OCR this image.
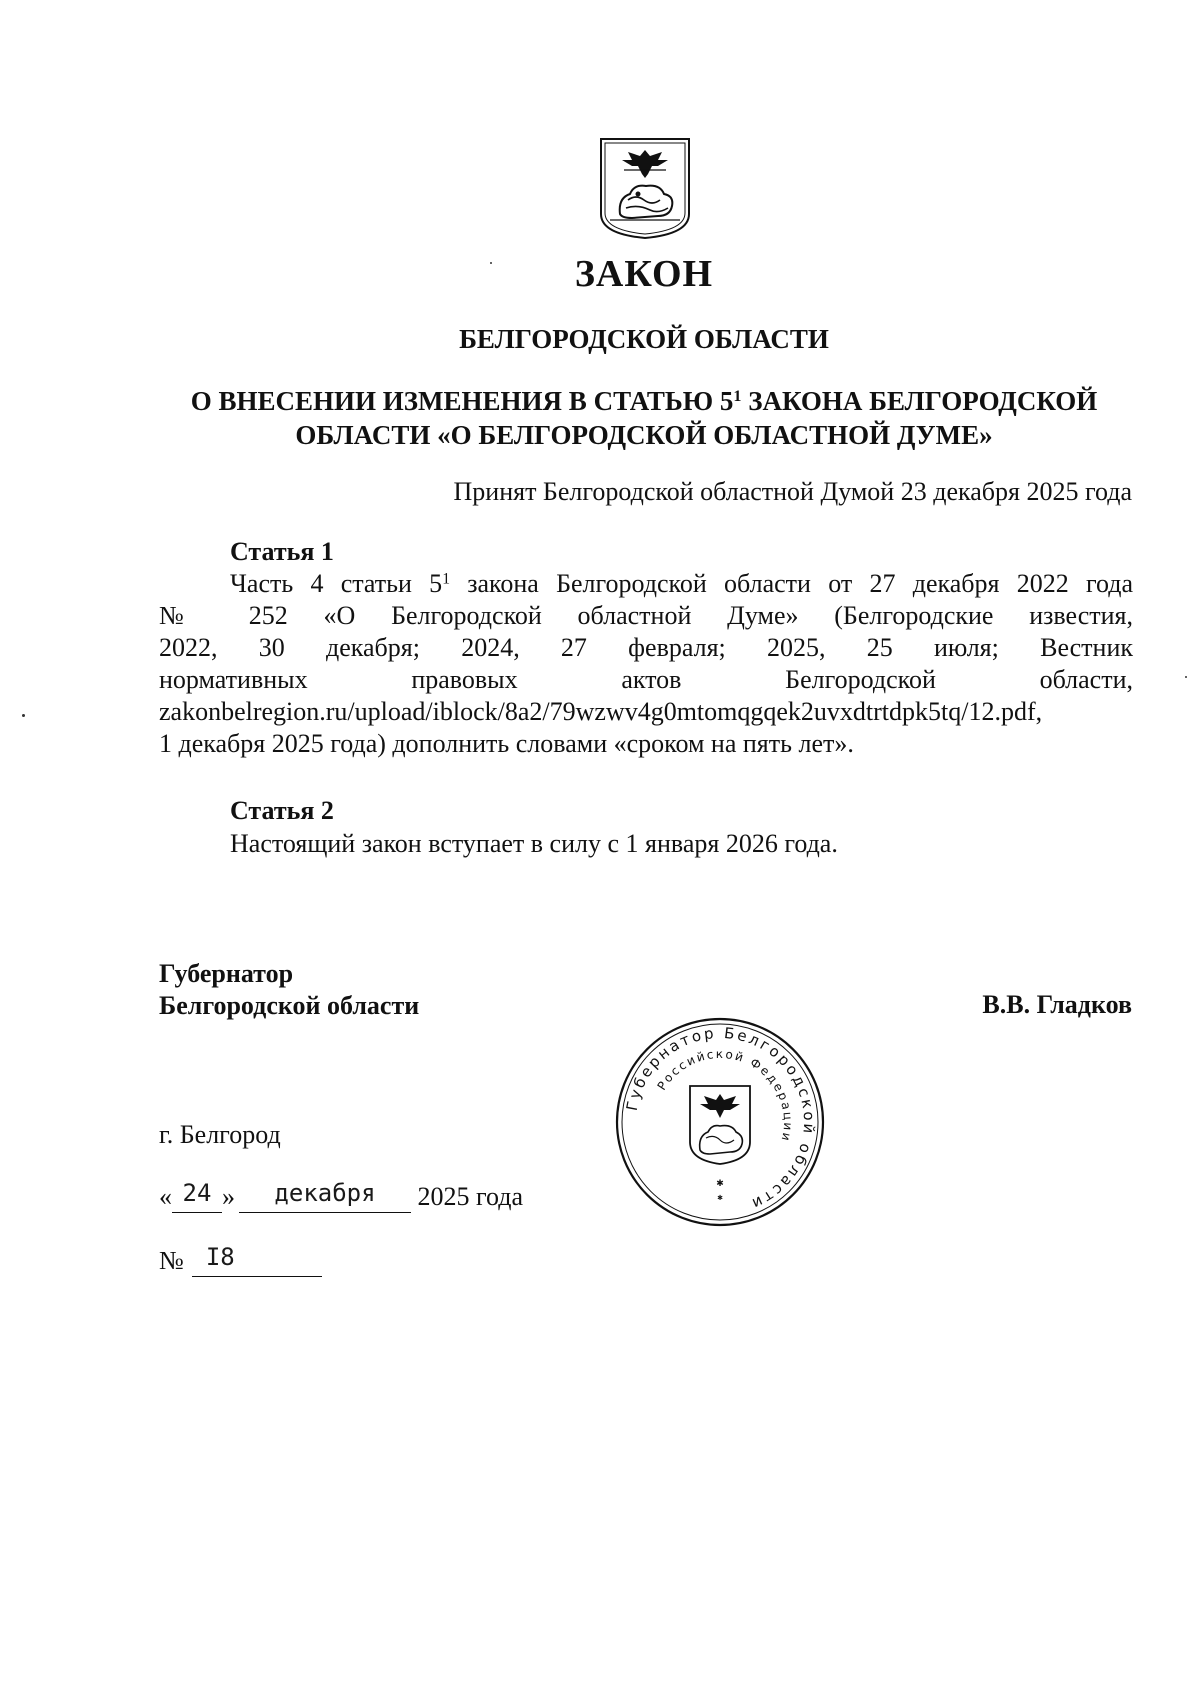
ЗАКОН
БЕЛГОРОДСКОЙ ОБЛАСТИ
О ВНЕСЕНИИ ИЗМЕНЕНИЯ В СТАТЬЮ $5^1$ ЗАКОНА БЕЛГОРОДСКОЙ
ОБЛАСТИ «О БЕЛГОРОДСКОЙ ОБЛАСТНОЙ ДУМЕ»
Принят Белгородской областной Думой 23 декабря 2025 года
Статья 1
Часть 4 статьи $5^1$ закона Белгородской области от 27 декабря 2022 года
№ 252 «О Белгородской областной Думе» (Белгородские известия,
2022, 30 декабря; 2024, 27 февраля; 2025, 25 июля; Вестник
нормативных правовых актов Белгородской области,
zakonbelregion.ru/upload/iblock/8a2/79wzwv4g0mtomqgqek2uvxdtrtdpk5tq/12.pdf,
1 декабря 2025 года) дополнить словами «сроком на пять лет».
Статья 2
Настоящий закон вступает в силу с 1 января 2026 года.
Губернатор
Белгородской области	В.В. Гладков
Губернатор Белгородской области
Российской Федерации
✱
✱
г. Белгород
« 24 » декабря 2025 года
№ I8
